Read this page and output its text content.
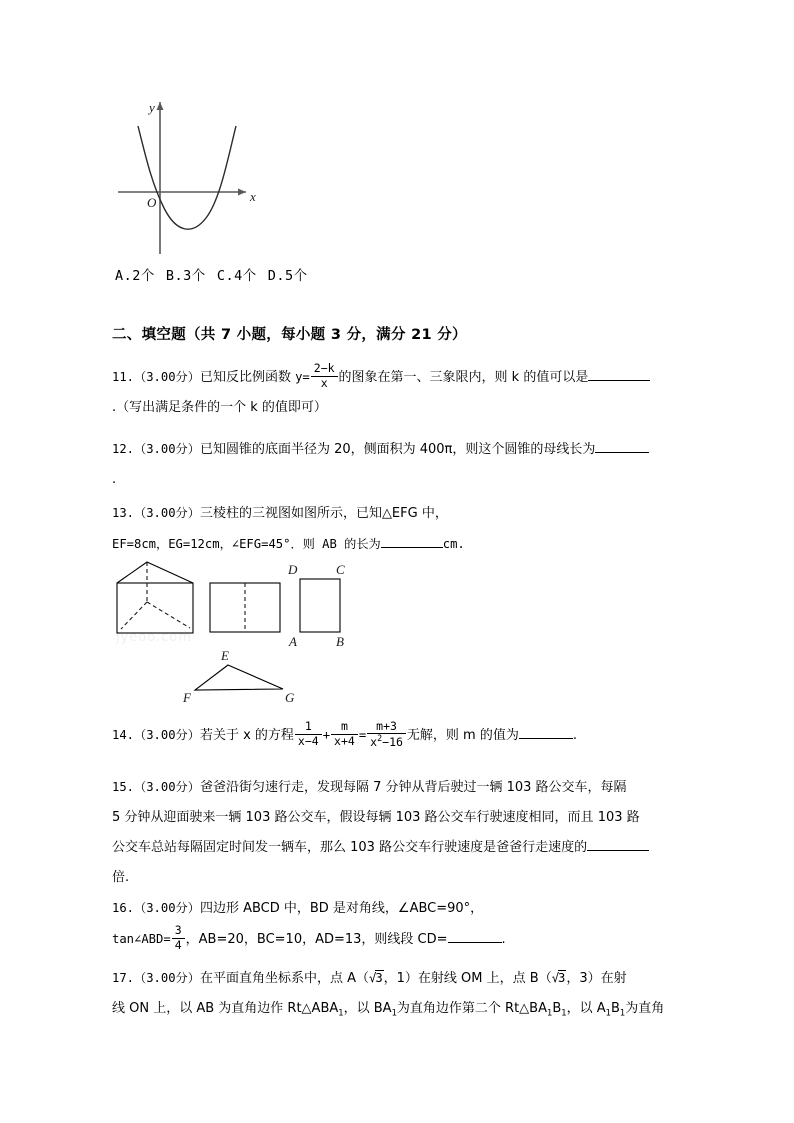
y
x
O
A.2个 B.3个 C.4个 D.5个
二、填空题（共 7 小题，每小题 3 分，满分 21 分）
11.（3.00分）已知反比例函数 $y= \frac{2-k}{x}$ 的图象在第一、三象限内，则 k 的值可以是
.（写出满足条件的一个 k 的值即可）
12.（3.00分）已知圆锥的底面半径为 20，侧面积为 400π，则这个圆锥的母线长为
.
13.（3.00分）三棱柱的三视图如图所示，已知△EFG 中，
EF=8cm，EG=12cm，∠EFG=45°．则 AB 的长为	cm.
jyeoo.com
D	C
A	B
E
F	G
14.（3.00分）若关于 x 的方程 $\frac{1}{x-4} + \frac{m}{x+4} = \frac{m+3}{x^2-16}$ 无解，则 m 的值为	.
15.（3.00分）爸爸沿街匀速行走，发现每隔 7 分钟从背后驶过一辆 103 路公交车，每隔
5 分钟从迎面驶来一辆 103 路公交车，假设每辆 103 路公交车行驶速度相同，而且 103 路
公交车总站每隔固定时间发一辆车，那么 103 路公交车行驶速度是爸爸行走速度的
倍.
16.（3.00分）四边形 ABCD 中，BD 是对角线，∠ABC=90°，
tan∠ABD= $\frac{3}{4}$ ，AB=20，BC=10，AD=13，则线段 CD=	.
17.（3.00分）在平面直角坐标系中，点 A（√3，1）在射线 OM 上，点 B（√3，3）在射
线 ON 上，以 AB 为直角边作 $Rt\triangle ABA_1$，以 $BA_1$为直角边作第二个 $Rt\triangle BA_1B_1$，以 $A_1B_1$为直角
